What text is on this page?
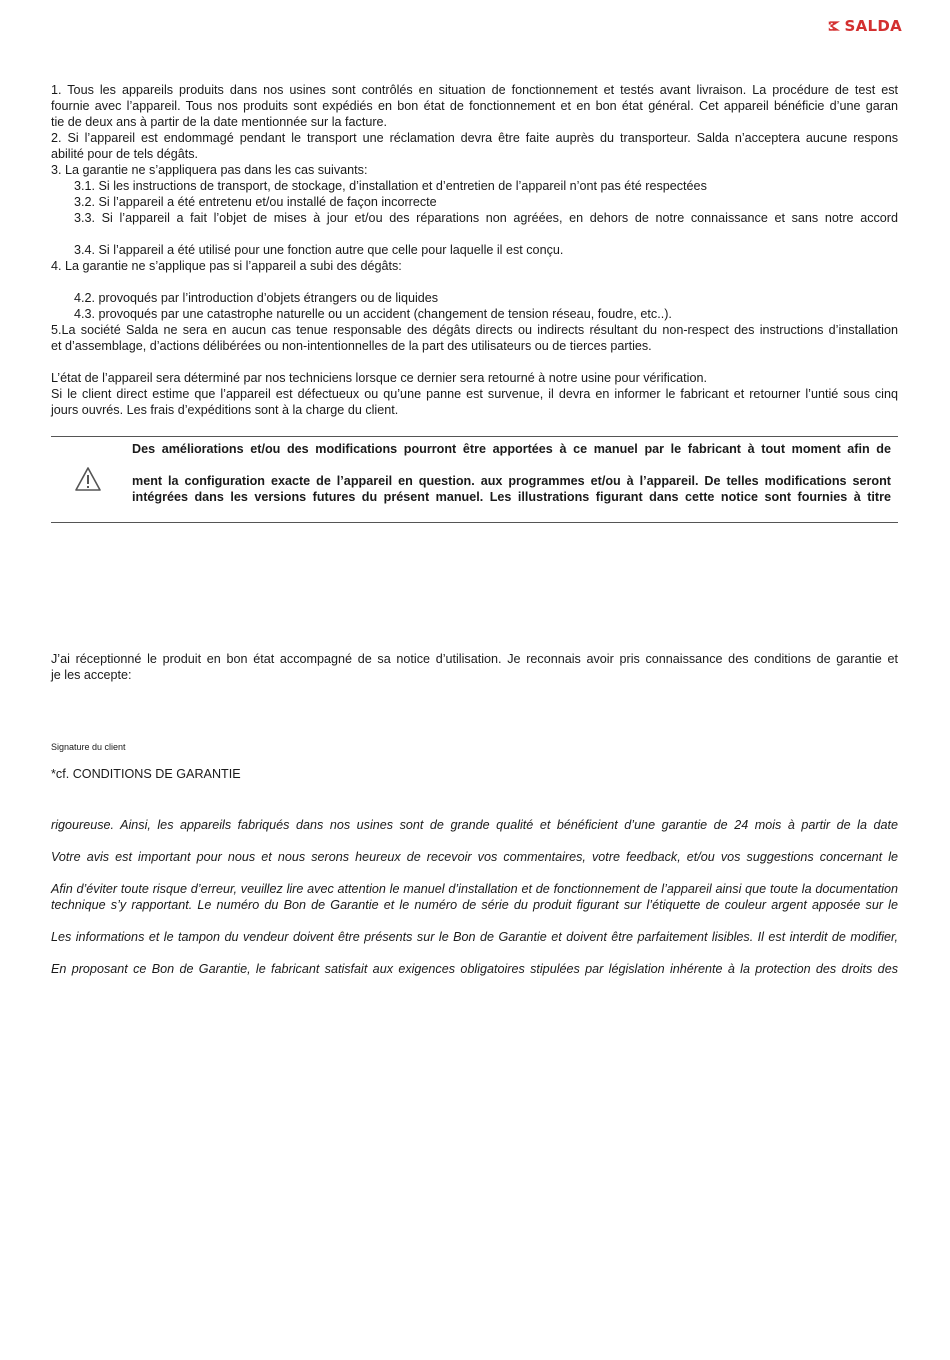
SALDA
1. Tous les appareils produits dans nos usines sont contrôlés en situation de fonctionnement et testés avant livraison. La procédure de test est
fournie avec l’appareil. Tous nos produits sont expédiés en bon état de fonctionnement et en bon état général. Cet appareil bénéficie d’une garan
tie de deux ans à partir de la date mentionnée sur la facture.
2. Si l’appareil est endommagé pendant le transport une réclamation devra être faite auprès du transporteur. Salda n’acceptera aucune respons
abilité pour de tels dégâts.
3. La garantie ne s’appliquera pas dans les cas suivants:
3.1. Si les instructions de transport, de stockage, d’installation et d’entretien de l’appareil n’ont pas été respectées
3.2. Si l’appareil a été entretenu et/ou installé de façon incorrecte
3.3. Si l’appareil a fait l’objet de mises à jour et/ou des réparations non agréées, en dehors de notre connaissance et sans notre accord
3.4. Si l’appareil a été utilisé pour une fonction autre que celle pour laquelle il est conçu.
4. La garantie ne s’applique pas si l’appareil a subi des dégâts:
4.2. provoqués par l’introduction d’objets étrangers ou de liquides
4.3. provoqués par une catastrophe naturelle ou un accident (changement de tension réseau, foudre, etc..).
5.La société Salda ne sera en aucun cas tenue responsable des dégâts directs ou indirects résultant du non-respect des instructions d’installation
et d’assemblage, d’actions délibérées ou non-intentionnelles de la part des utilisateurs ou de tierces parties.
L’état de l’appareil sera déterminé par nos techniciens lorsque ce dernier sera retourné à notre usine pour vérification.
Si le client direct estime que l’appareil est défectueux ou qu’une panne est survenue, il devra en informer le fabricant et retourner l’untié sous cinq
jours ouvrés. Les frais d’expéditions sont à la charge du client.
Des améliorations et/ou des modifications pourront être apportées à ce manuel par le fabricant à tout moment afin de
ment la configuration exacte de l’appareil en question. aux programmes et/ou à l’appareil. De telles modifications seront
intégrées dans les versions futures du présent manuel. Les illustrations figurant dans cette notice sont fournies à titre
J’ai réceptionné le produit en bon état accompagné de sa notice d’utilisation. Je reconnais avoir pris connaissance des conditions de garantie et
je les accepte:
Signature du client
*cf. CONDITIONS DE GARANTIE
rigoureuse. Ainsi, les appareils fabriqués dans nos usines sont de grande qualité et bénéficient d’une garantie de 24 mois à partir de la date
Votre avis est important pour nous et nous serons heureux de recevoir vos commentaires, votre feedback, et/ou vos suggestions concernant le
Afin d’éviter toute risque d’erreur, veuillez lire avec attention le manuel d’installation et de fonctionnement de l’appareil ainsi que toute la documentation
technique s’y rapportant. Le numéro du Bon de Garantie et le numéro de série du produit figurant sur l’étiquette de couleur argent apposée sur le
Les informations et le tampon du vendeur doivent être présents sur le Bon de Garantie et doivent être parfaitement lisibles. Il est interdit de modifier,
En proposant ce Bon de Garantie, le fabricant satisfait aux exigences obligatoires stipulées par législation inhérente à la protection des droits des
